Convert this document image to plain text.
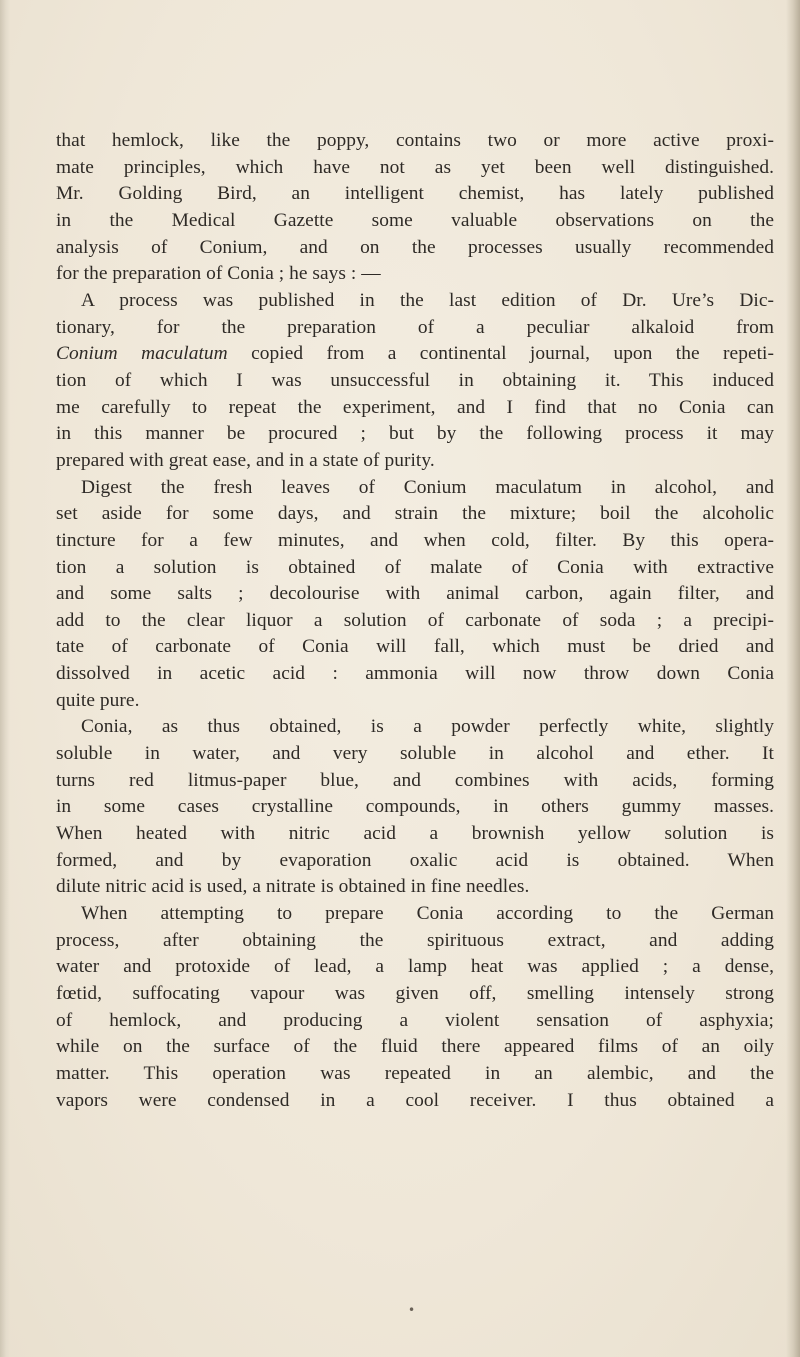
that hemlock, like the poppy, contains two or more active proxi-
mate principles, which have not as yet been well distinguished.
Mr. Golding Bird, an intelligent chemist, has lately published
in the Medical Gazette some valuable observations on the
analysis of Conium, and on the processes usually recommended
for the preparation of Conia ; he says : —
A process was published in the last edition of Dr. Ure’s Dic-
tionary, for the preparation of a peculiar alkaloid from
Conium maculatum copied from a continental journal, upon the repeti-
tion of which I was unsuccessful in obtaining it. This induced
me carefully to repeat the experiment, and I find that no Conia can
in this manner be procured ; but by the following process it may
prepared with great ease, and in a state of purity.
Digest the fresh leaves of Conium maculatum in alcohol, and
set aside for some days, and strain the mixture; boil the alcoholic
tincture for a few minutes, and when cold, filter. By this opera-
tion a solution is obtained of malate of Conia with extractive
and some salts ; decolourise with animal carbon, again filter, and
add to the clear liquor a solution of carbonate of soda ; a precipi-
tate of carbonate of Conia will fall, which must be dried and
dissolved in acetic acid : ammonia will now throw down Conia
quite pure.
Conia, as thus obtained, is a powder perfectly white, slightly
soluble in water, and very soluble in alcohol and ether. It
turns red litmus-paper blue, and combines with acids, forming
in some cases crystalline compounds, in others gummy masses.
When heated with nitric acid a brownish yellow solution is
formed, and by evaporation oxalic acid is obtained. When
dilute nitric acid is used, a nitrate is obtained in fine needles.
When attempting to prepare Conia according to the German
process, after obtaining the spirituous extract, and adding
water and protoxide of lead, a lamp heat was applied ; a dense,
fœtid, suffocating vapour was given off, smelling intensely strong
of hemlock, and producing a violent sensation of asphyxia;
while on the surface of the fluid there appeared films of an oily
matter. This operation was repeated in an alembic, and the
vapors were condensed in a cool receiver. I thus obtained a
•
